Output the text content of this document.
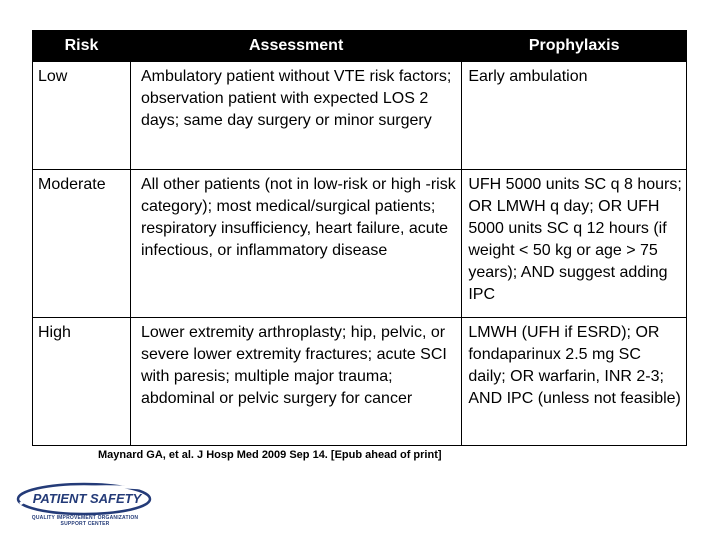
Risk	Assessment	Prophylaxis

Low	Ambulatory patient without VTE risk factors; observation patient with expected LOS 2 days; same day surgery or minor surgery	Early ambulation

Moderate	All other patients (not in low-risk or high -risk category); most medical/surgical patients; respiratory insufficiency, heart failure, acute infectious, or inflammatory disease	UFH 5000 units SC q 8 hours; OR LMWH q day; OR UFH 5000 units SC q 12 hours (if weight < 50 kg or age > 75 years); AND suggest adding IPC

High	Lower extremity arthroplasty; hip, pelvic, or severe lower extremity fractures; acute SCI with paresis; multiple major trauma; abdominal or pelvic surgery for cancer	LMWH (UFH if ESRD); OR fondaparinux 2.5 mg SC daily; OR warfarin, INR 2-3; AND IPC (unless not feasible)
Maynard GA, et al. J Hosp Med 2009 Sep 14. [Epub ahead of print]
PATIENT SAFETY
QUALITY IMPROVEMENT ORGANIZATION
SUPPORT CENTER
